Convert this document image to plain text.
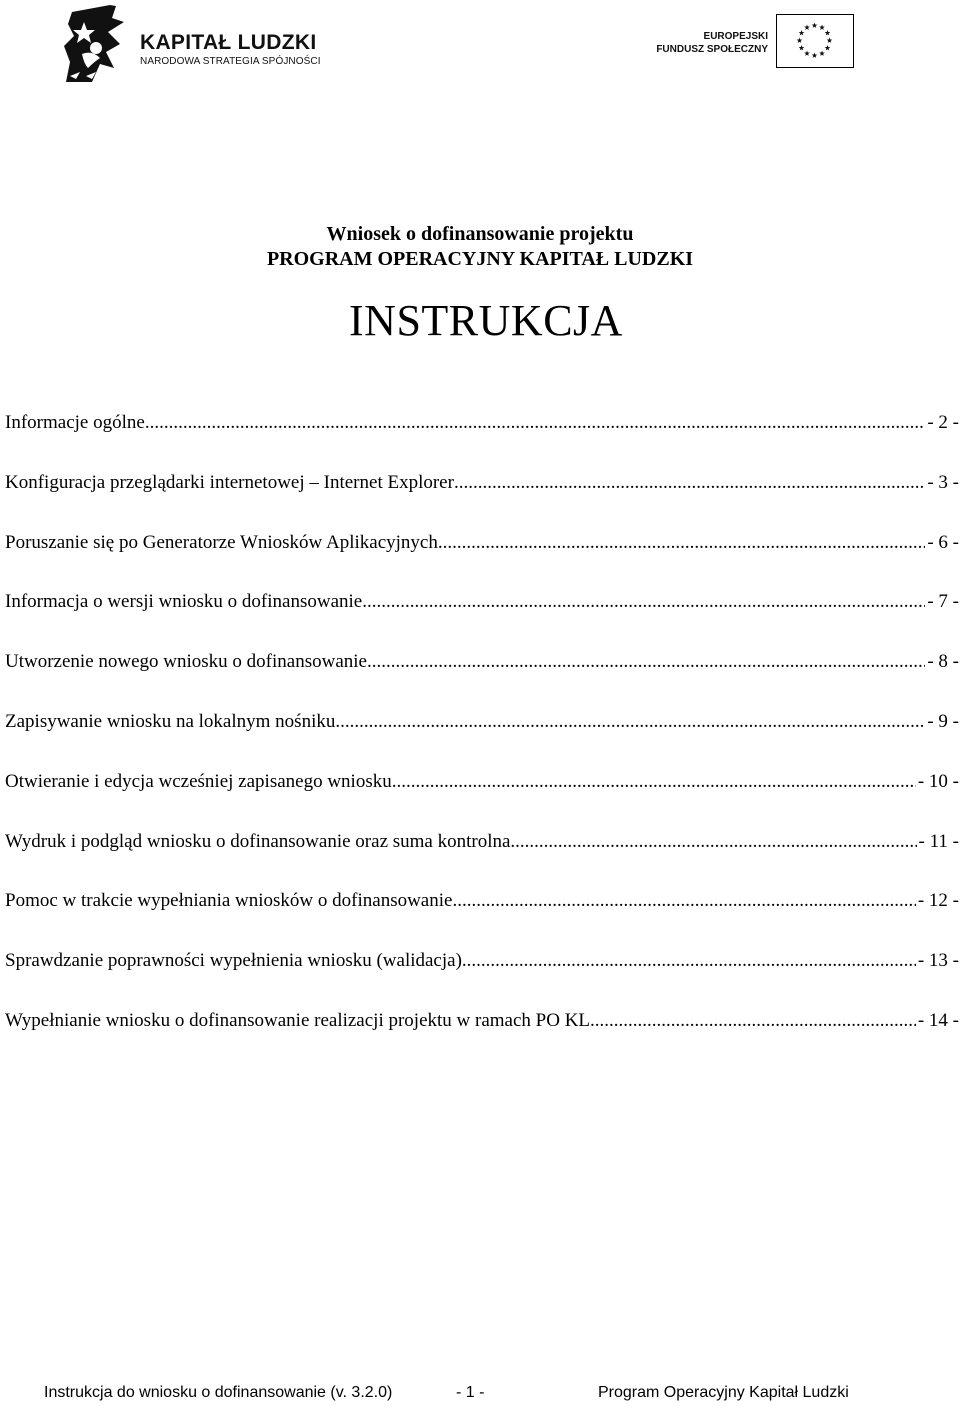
KAPITAŁ LUDZKI
NARODOWA STRATEGIA SPÓJNOŚCI
EUROPEJSKI
FUNDUSZ SPOŁECZNY
Wniosek o dofinansowanie projektu
PROGRAM OPERACYJNY KAPITAŁ LUDZKI
INSTRUKCJA
Informacje ogólne .....	- 2 -
Konfiguracja przeglądarki internetowej – Internet Explorer .....	- 3 -
Poruszanie się po Generatorze Wniosków Aplikacyjnych .....	- 6 -
Informacja o wersji wniosku o dofinansowanie .....	- 7 -
Utworzenie nowego wniosku o dofinansowanie .....	- 8 -
Zapisywanie wniosku na lokalnym nośniku .....	- 9 -
Otwieranie i edycja wcześniej zapisanego wniosku .....	- 10 -
Wydruk i podgląd wniosku o dofinansowanie oraz suma kontrolna .....	- 11 -
Pomoc w trakcie wypełniania wniosków o dofinansowanie .....	- 12 -
Sprawdzanie poprawności wypełnienia wniosku (walidacja) .....	- 13 -
Wypełnianie wniosku o dofinansowanie realizacji projektu w ramach PO KL .....	- 14 -
Instrukcja do wniosku o dofinansowanie (v. 3.2.0)	- 1 -	Program Operacyjny Kapitał Ludzki
